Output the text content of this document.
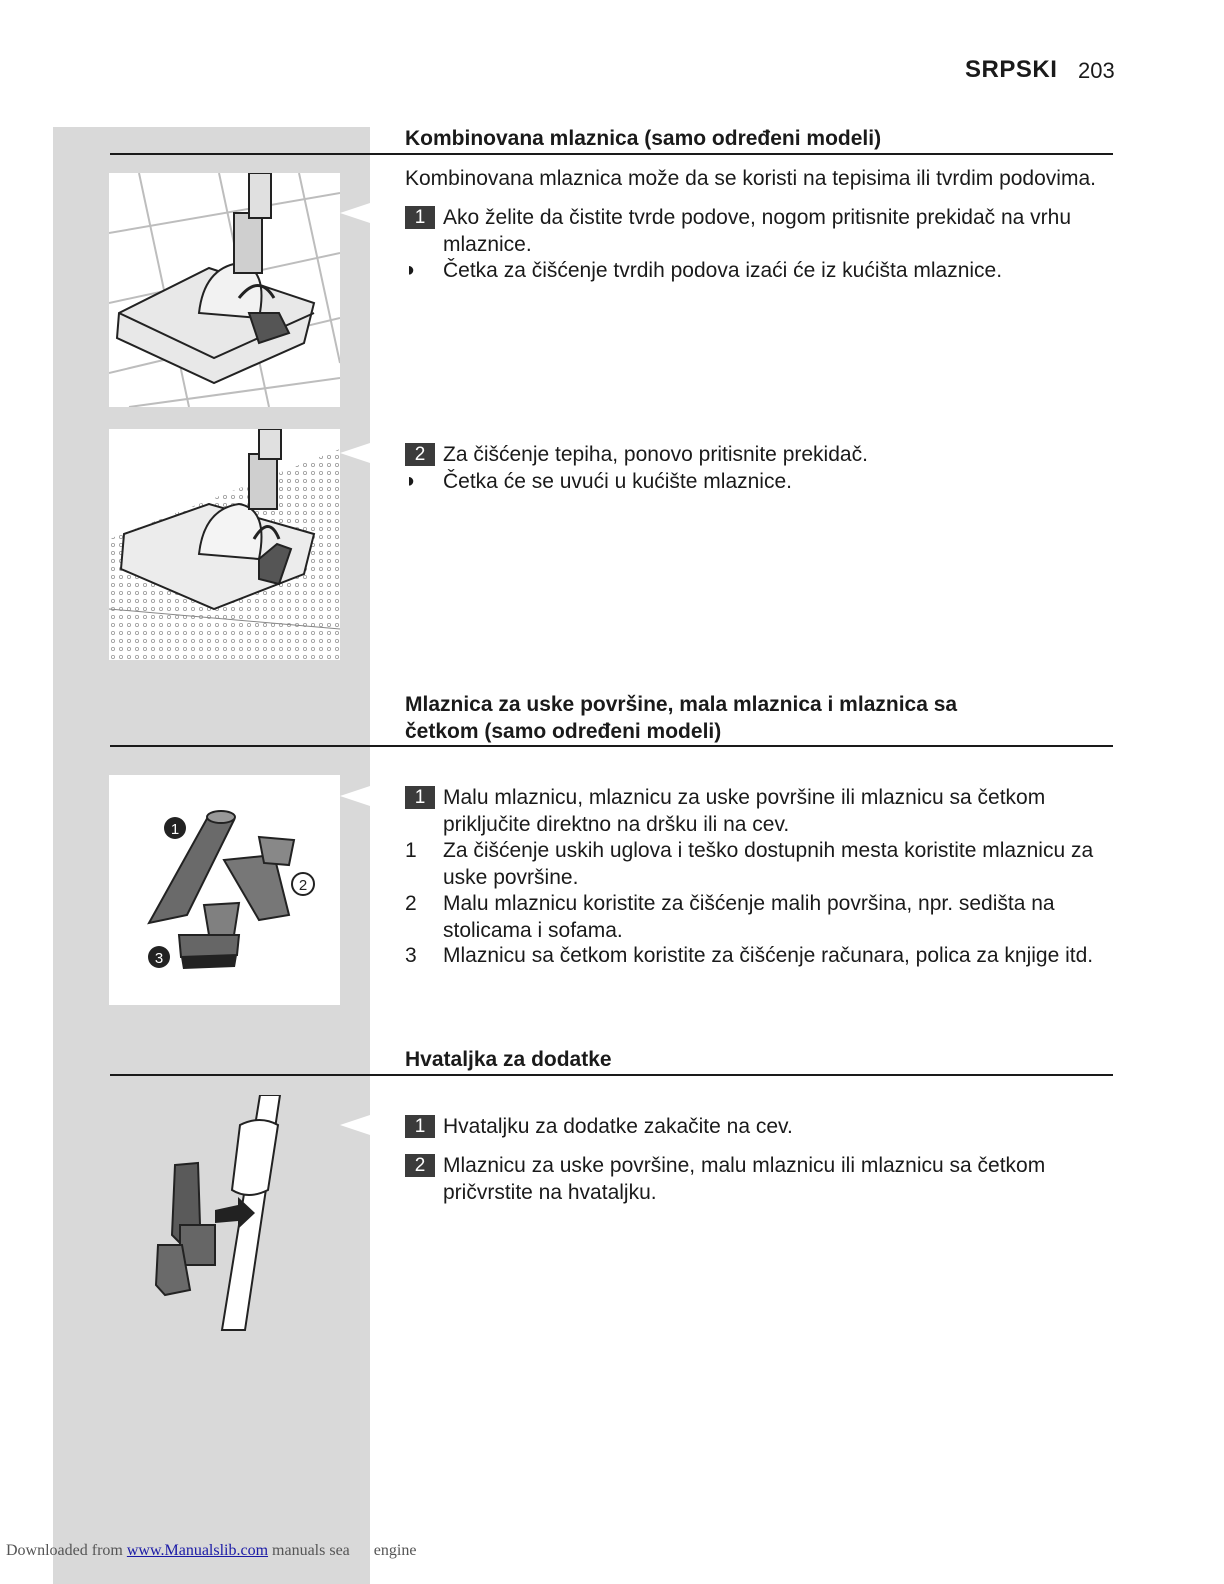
SRPSKI 203
Kombinovana mlaznica (samo određeni modeli)
Kombinovana mlaznica može da se koristi na tepisima ili tvrdim podovima.
1 Ako želite da čistite tvrde podove, nogom pritisnite prekidač na vrhu mlaznice.
◗	Četka za čišćenje tvrdih podova izaći će iz kućišta mlaznice.
2 Za čišćenje tepiha, ponovo pritisnite prekidač.
◗	Četka će se uvući u kućište mlaznice.
Mlaznica za uske površine, mala mlaznica i mlaznica sa
četkom (samo određeni modeli)
1 Malu mlaznicu, mlaznicu za uske površine ili mlaznicu sa četkom priključite direktno na dršku ili na cev.
1	Za čišćenje uskih uglova i teško dostupnih mesta koristite mlaznicu za uske površine.
2	Malu mlaznicu koristite za čišćenje malih površina, npr. sedišta na stolicama i sofama.
3	Mlaznicu sa četkom koristite za čišćenje računara, polica za knjige itd.
1
2
3
Hvataljka za dodatke
1 Hvataljku za dodatke zakačite na cev.
2 Mlaznicu za uske površine, malu mlaznicu ili mlaznicu sa četkom pričvrstite na hvataljku.
Downloaded from www.Manualslib.com manuals sea engine
